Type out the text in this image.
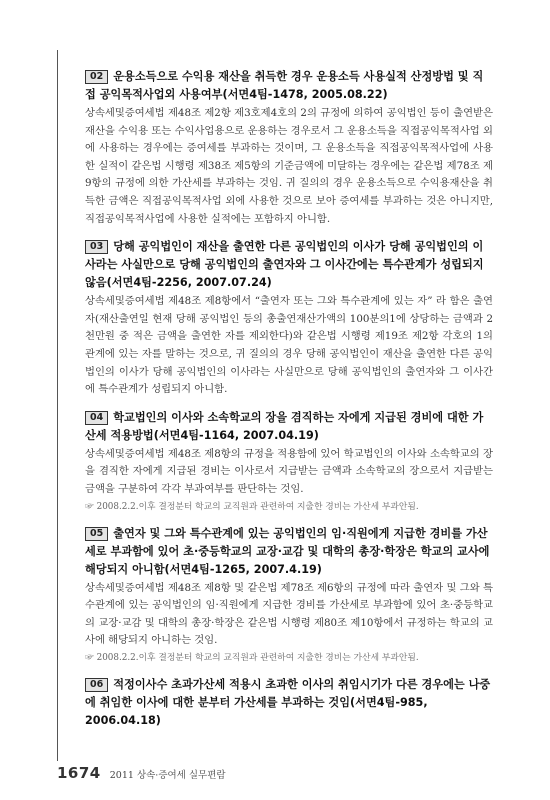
02 운용소득으로 수익용 재산을 취득한 경우 운용소득 사용실적 산정방법 및 직접 공익목적사업외 사용여부(서면4팀-1478, 2005.08.22)

상속세및증여세법 제48조 제2항 제3호제4호의 2의 규정에 의하여 공익법인 등이 출연받은 재산을 수익용 또는 수익사업용으로 운용하는 경우로서 그 운용소득을 직접공익목적사업 외에 사용하는 경우에는 증여세를 부과하는 것이며, 그 운용소득을 직접공익목적사업에 사용한 실적이 같은법 시행령 제38조 제5항의 기준금액에 미달하는 경우에는 같은법 제78조 제9항의 규정에 의한 가산세를 부과하는 것임. 귀 질의의 경우 운용소득으로 수익용재산을 취득한 금액은 직접공익목적사업 외에 사용한 것으로 보아 증여세를 부과하는 것은 아니지만, 직접공익목적사업에 사용한 실적에는 포함하지 아니함.

03 당해 공익법인이 재산을 출연한 다른 공익법인의 이사가 당해 공익법인의 이사라는 사실만으로 당해 공익법인의 출연자와 그 이사간에는 특수관계가 성립되지 않음(서면4팀-2256, 2007.07.24)

상속세및증여세법 제48조 제8항에서 “출연자 또는 그와 특수관계에 있는 자” 라 함은 출연자(재산출연일 현재 당해 공익법인 등의 총출연재산가액의 100분의1에 상당하는 금액과 2천만원 중 적은 금액을 출연한 자를 제외한다)와 같은법 시행령 제19조 제2항 각호의 1의 관계에 있는 자를 말하는 것으로, 귀 질의의 경우 당해 공익법인이 재산을 출연한 다른 공익법인의 이사가 당해 공익법인의 이사라는 사실만으로 당해 공익법인의 출연자와 그 이사간에 특수관계가 성립되지 아니함.

04 학교법인의 이사와 소속학교의 장을 겸직하는 자에게 지급된 경비에 대한 가산세 적용방법(서면4팀-1164, 2007.04.19)

상속세및증여세법 제48조 제8항의 규정을 적용함에 있어 학교법인의 이사와 소속학교의 장을 겸직한 자에게 지급된 경비는 이사로서 지급받는 금액과 소속학교의 장으로서 지급받는 금액을 구분하여 각각 부과여부를 판단하는 것임.

☞ 2008.2.2.이후 결정분터 학교의 교직원과 관련하여 지출한 경비는 가산세 부과안됨.

05 출연자 및 그와 특수관계에 있는 공익법인의 임·직원에게 지급한 경비를 가산세로 부과함에 있어 초·중등학교의 교장·교감 및 대학의 총장·학장은 학교의 교사에 해당되지 아니함(서면4팀-1265, 2007.4.19)

상속세및증여세법 제48조 제8항 및 같은법 제78조 제6항의 규정에 따라 출연자 및 그와 특수관계에 있는 공익법인의 임·직원에게 지급한 경비를 가산세로 부과함에 있어 초·중등학교의 교장·교감 및 대학의 총장·학장은 같은법 시행령 제80조 제10항에서 규정하는 학교의 교사에 해당되지 아니하는 것임.

☞ 2008.2.2.이후 결정분터 학교의 교직원과 관련하여 지출한 경비는 가산세 부과안됨.

06 적정이사수 초과가산세 적용시 초과한 이사의 취임시기가 다른 경우에는 나중에 취임한 이사에 대한 분부터 가산세를 부과하는 것임(서면4팀-985, 2006.04.18)

1674 2011 상속·증여세 실무편람
